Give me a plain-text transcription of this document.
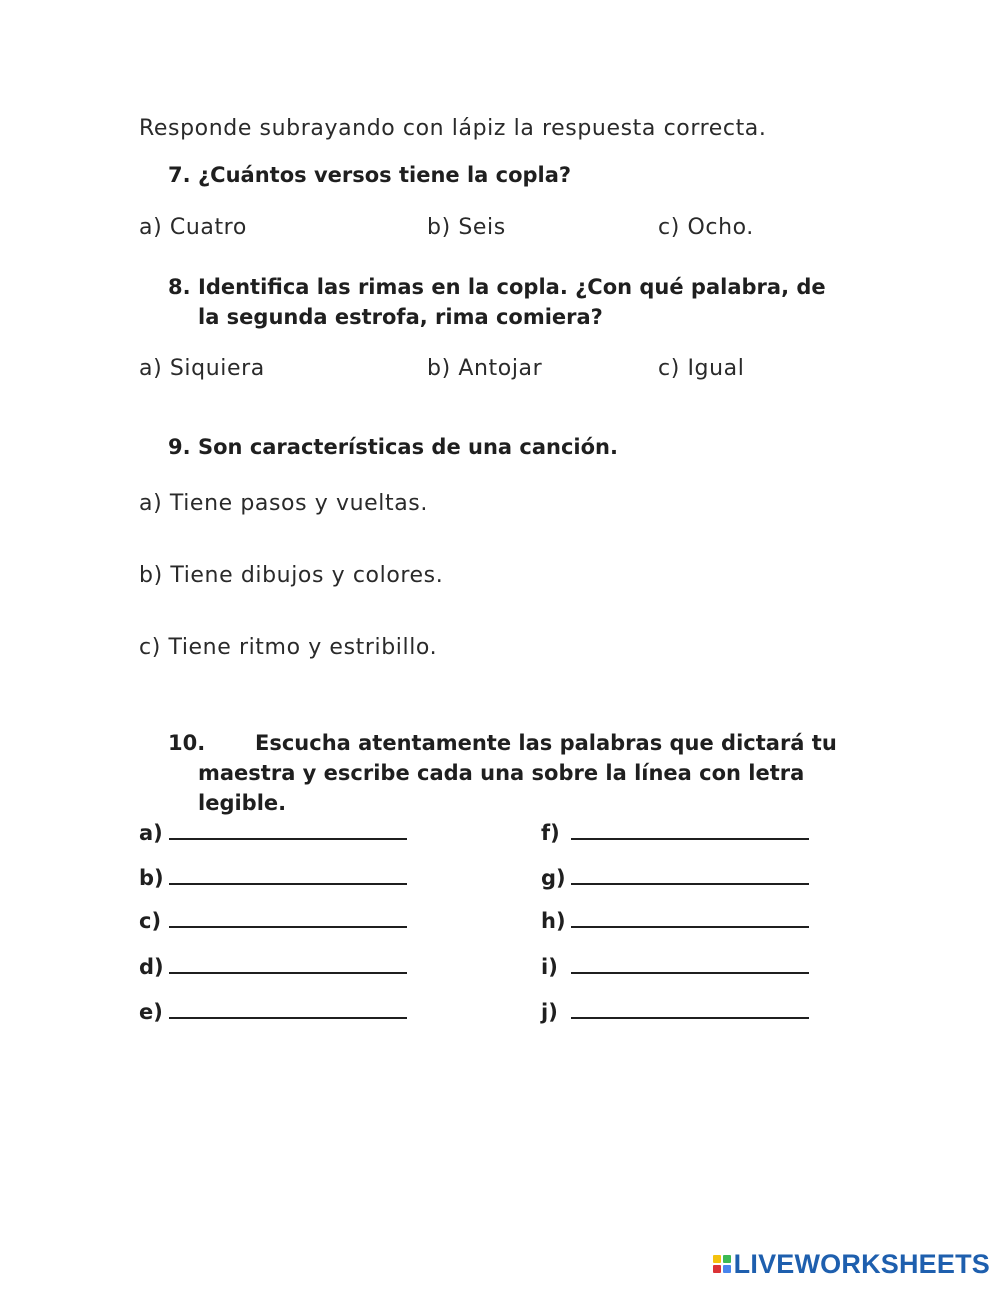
Responde subrayando con lápiz la respuesta correcta.
7. ¿Cuántos versos tiene la copla?
a) Cuatro	b) Seis	c) Ocho.
8. Identifica las rimas en la copla. ¿Con qué palabra, de
la segunda estrofa, rima comiera?
a) Siquiera	b) Antojar	c) Igual
9. Son características de una canción.
a) Tiene pasos y vueltas.
b) Tiene dibujos y colores.
c) Tiene ritmo y estribillo.
10.	Escucha atentamente las palabras que dictará tu
maestra y escribe cada una sobre la línea con letra
legible.
a)
b)
c)
d)
e)
f)
g)
h)
i)
j)
LIVEWORKSHEETS
